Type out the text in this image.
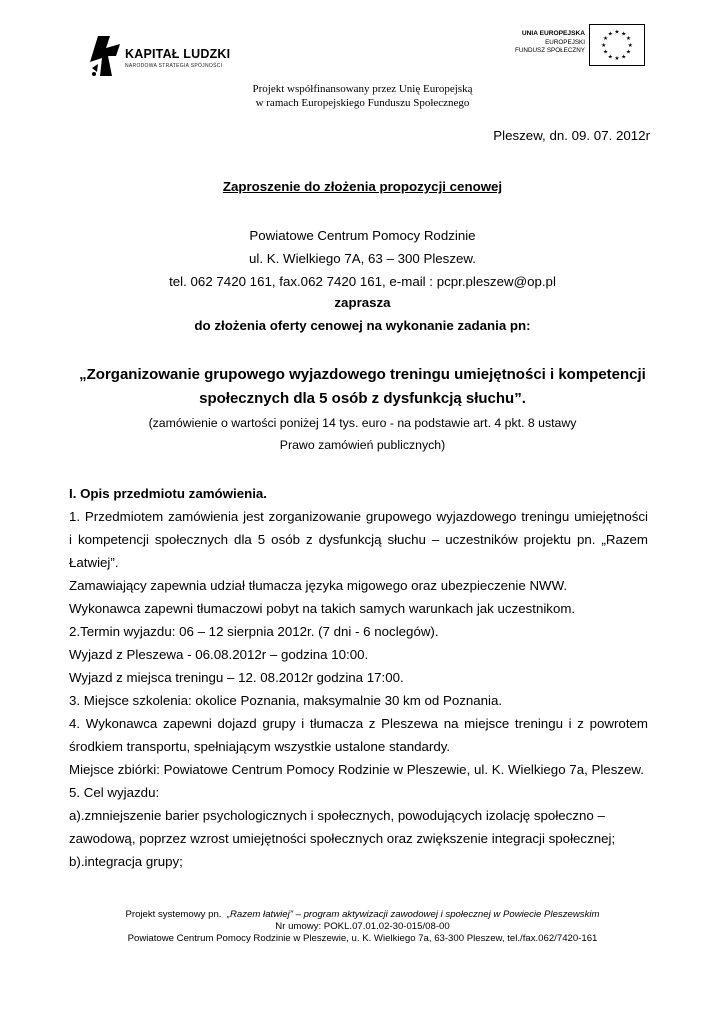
KAPITAŁ LUDZKI
NARODOWA STRATEGIA SPÓJNOŚCI
UNIA EUROPEJSKA
EUROPEJSKI
FUNDUSZ SPOŁECZNY
★ ★
★
★
★
★
★
★
★
★
★
★
Projekt współfinansowany przez Unię Europejską
w ramach Europejskiego Funduszu Społecznego
Pleszew, dn. 09. 07. 2012r
Zaproszenie do złożenia propozycji cenowej
Powiatowe Centrum Pomocy Rodzinie
ul. K. Wielkiego 7A, 63 – 300 Pleszew.
tel. 062 7420 161, fax.062 7420 161, e-mail : pcpr.pleszew@op.pl
zaprasza
do złożenia oferty cenowej na wykonanie zadania pn:
„Zorganizowanie grupowego wyjazdowego treningu umiejętności i kompetencji
społecznych dla 5 osób z dysfunkcją słuchu”.
(zamówienie o wartości poniżej 14 tys. euro - na podstawie art. 4 pkt. 8 ustawy
Prawo zamówień publicznych)
I. Opis przedmiotu zamówienia.
1. Przedmiotem zamówienia jest zorganizowanie grupowego wyjazdowego treningu umiejętności
i kompetencji społecznych dla 5 osób z dysfunkcją słuchu – uczestników projektu pn. „Razem
Łatwiej”.
Zamawiający zapewnia udział tłumacza języka migowego oraz ubezpieczenie NWW.
Wykonawca zapewni tłumaczowi pobyt na takich samych warunkach jak uczestnikom.
2.Termin wyjazdu: 06 – 12 sierpnia 2012r. (7 dni - 6 noclegów).
Wyjazd z Pleszewa - 06.08.2012r – godzina 10:00.
Wyjazd z miejsca treningu – 12. 08.2012r godzina 17:00.
3. Miejsce szkolenia: okolice Poznania, maksymalnie 30 km od Poznania.
4. Wykonawca zapewni dojazd grupy i tłumacza z Pleszewa na miejsce treningu i z powrotem
środkiem transportu, spełniającym wszystkie ustalone standardy.
Miejsce zbiórki: Powiatowe Centrum Pomocy Rodzinie w Pleszewie, ul. K. Wielkiego 7a, Pleszew.
5. Cel wyjazdu:
a).zmniejszenie barier psychologicznych i społecznych, powodujących izolację społeczno –
zawodową, poprzez wzrost umiejętności społecznych oraz zwiększenie integracji społecznej;
b).integracja grupy;
Projekt systemowy pn. „Razem łatwiej” – program aktywizacji zawodowej i społecznej w Powiecie Pleszewskim
Nr umowy: POKL.07.01.02-30-015/08-00
Powiatowe Centrum Pomocy Rodzinie w Pleszewie, u. K. Wielkiego 7a, 63-300 Pleszew, tel./fax.062/7420-161
